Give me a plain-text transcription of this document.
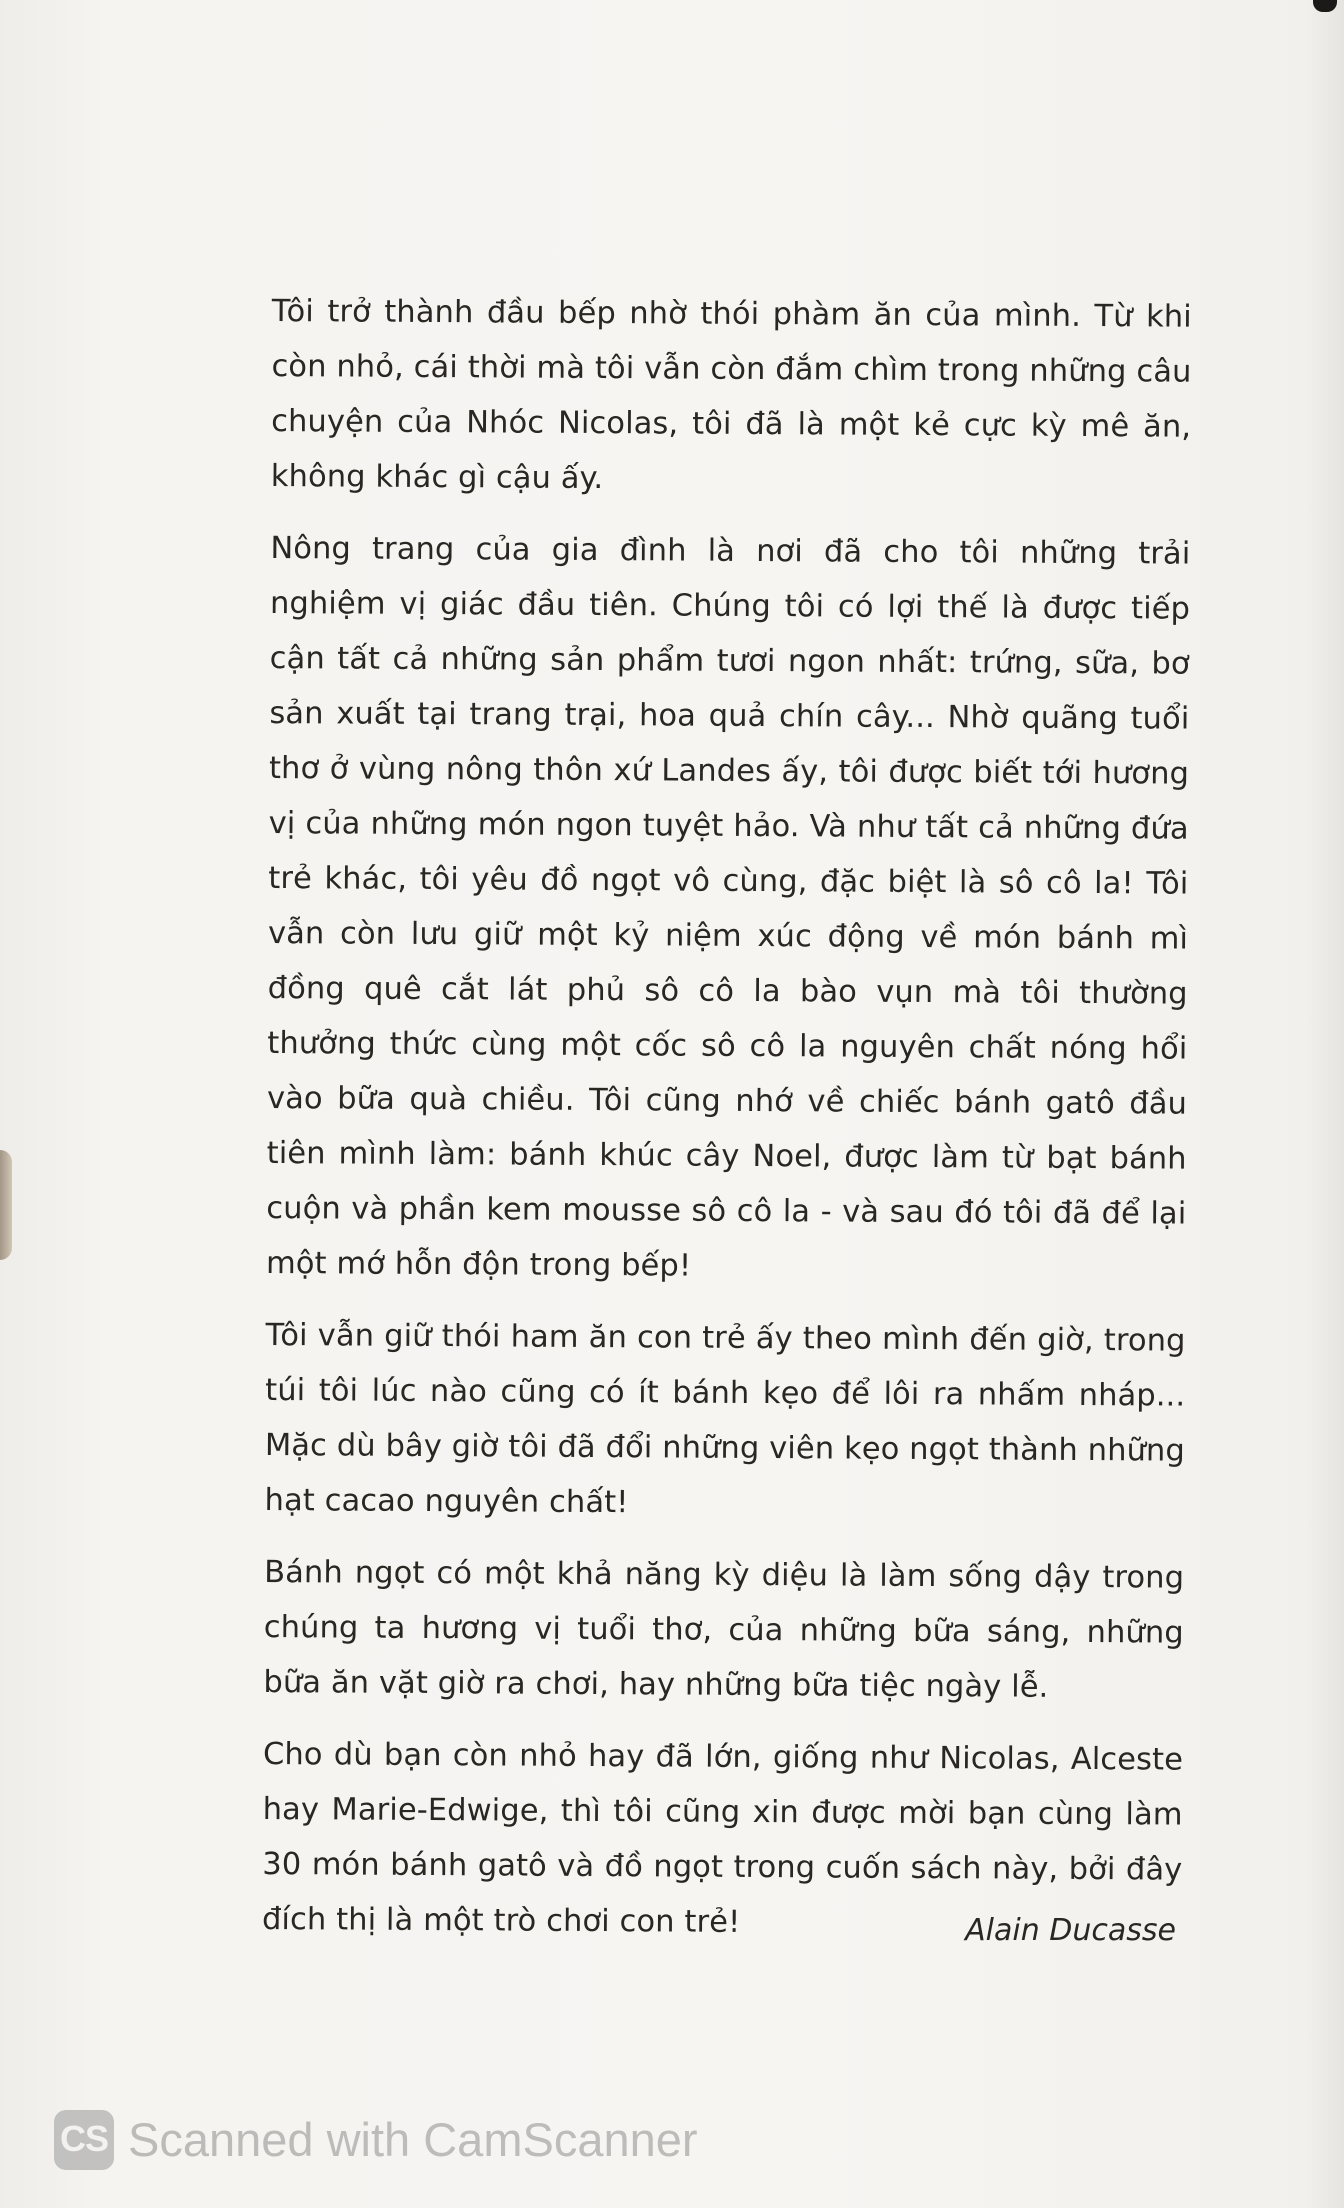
Tôi trở thành đầu bếp nhờ thói phàm ăn của mình. Từ khi còn nhỏ, cái thời mà tôi vẫn còn đắm chìm trong những câu chuyện của Nhóc Nicolas, tôi đã là một kẻ cực kỳ mê ăn, không khác gì cậu ấy.

Nông trang của gia đình là nơi đã cho tôi những trải nghiệm vị giác đầu tiên. Chúng tôi có lợi thế là được tiếp cận tất cả những sản phẩm tươi ngon nhất: trứng, sữa, bơ sản xuất tại trang trại, hoa quả chín cây... Nhờ quãng tuổi thơ ở vùng nông thôn xứ Landes ấy, tôi được biết tới hương vị của những món ngon tuyệt hảo. Và như tất cả những đứa trẻ khác, tôi yêu đồ ngọt vô cùng, đặc biệt là sô cô la! Tôi vẫn còn lưu giữ một kỷ niệm xúc động về món bánh mì đồng quê cắt lát phủ sô cô la bào vụn mà tôi thường thưởng thức cùng một cốc sô cô la nguyên chất nóng hổi vào bữa quà chiều. Tôi cũng nhớ về chiếc bánh gatô đầu tiên mình làm: bánh khúc cây Noel, được làm từ bạt bánh cuộn và phần kem mousse sô cô la - và sau đó tôi đã để lại một mớ hỗn độn trong bếp!

Tôi vẫn giữ thói ham ăn con trẻ ấy theo mình đến giờ, trong túi tôi lúc nào cũng có ít bánh kẹo để lôi ra nhấm nháp... Mặc dù bây giờ tôi đã đổi những viên kẹo ngọt thành những hạt cacao nguyên chất!

Bánh ngọt có một khả năng kỳ diệu là làm sống dậy trong chúng ta hương vị tuổi thơ, của những bữa sáng, những bữa ăn vặt giờ ra chơi, hay những bữa tiệc ngày lễ.

Cho dù bạn còn nhỏ hay đã lớn, giống như Nicolas, Alceste hay Marie-Edwige, thì tôi cũng xin được mời bạn cùng làm 30 món bánh gatô và đồ ngọt trong cuốn sách này, bởi đây đích thị là một trò chơi con trẻ!	Alain Ducasse
CS Scanned with CamScanner
